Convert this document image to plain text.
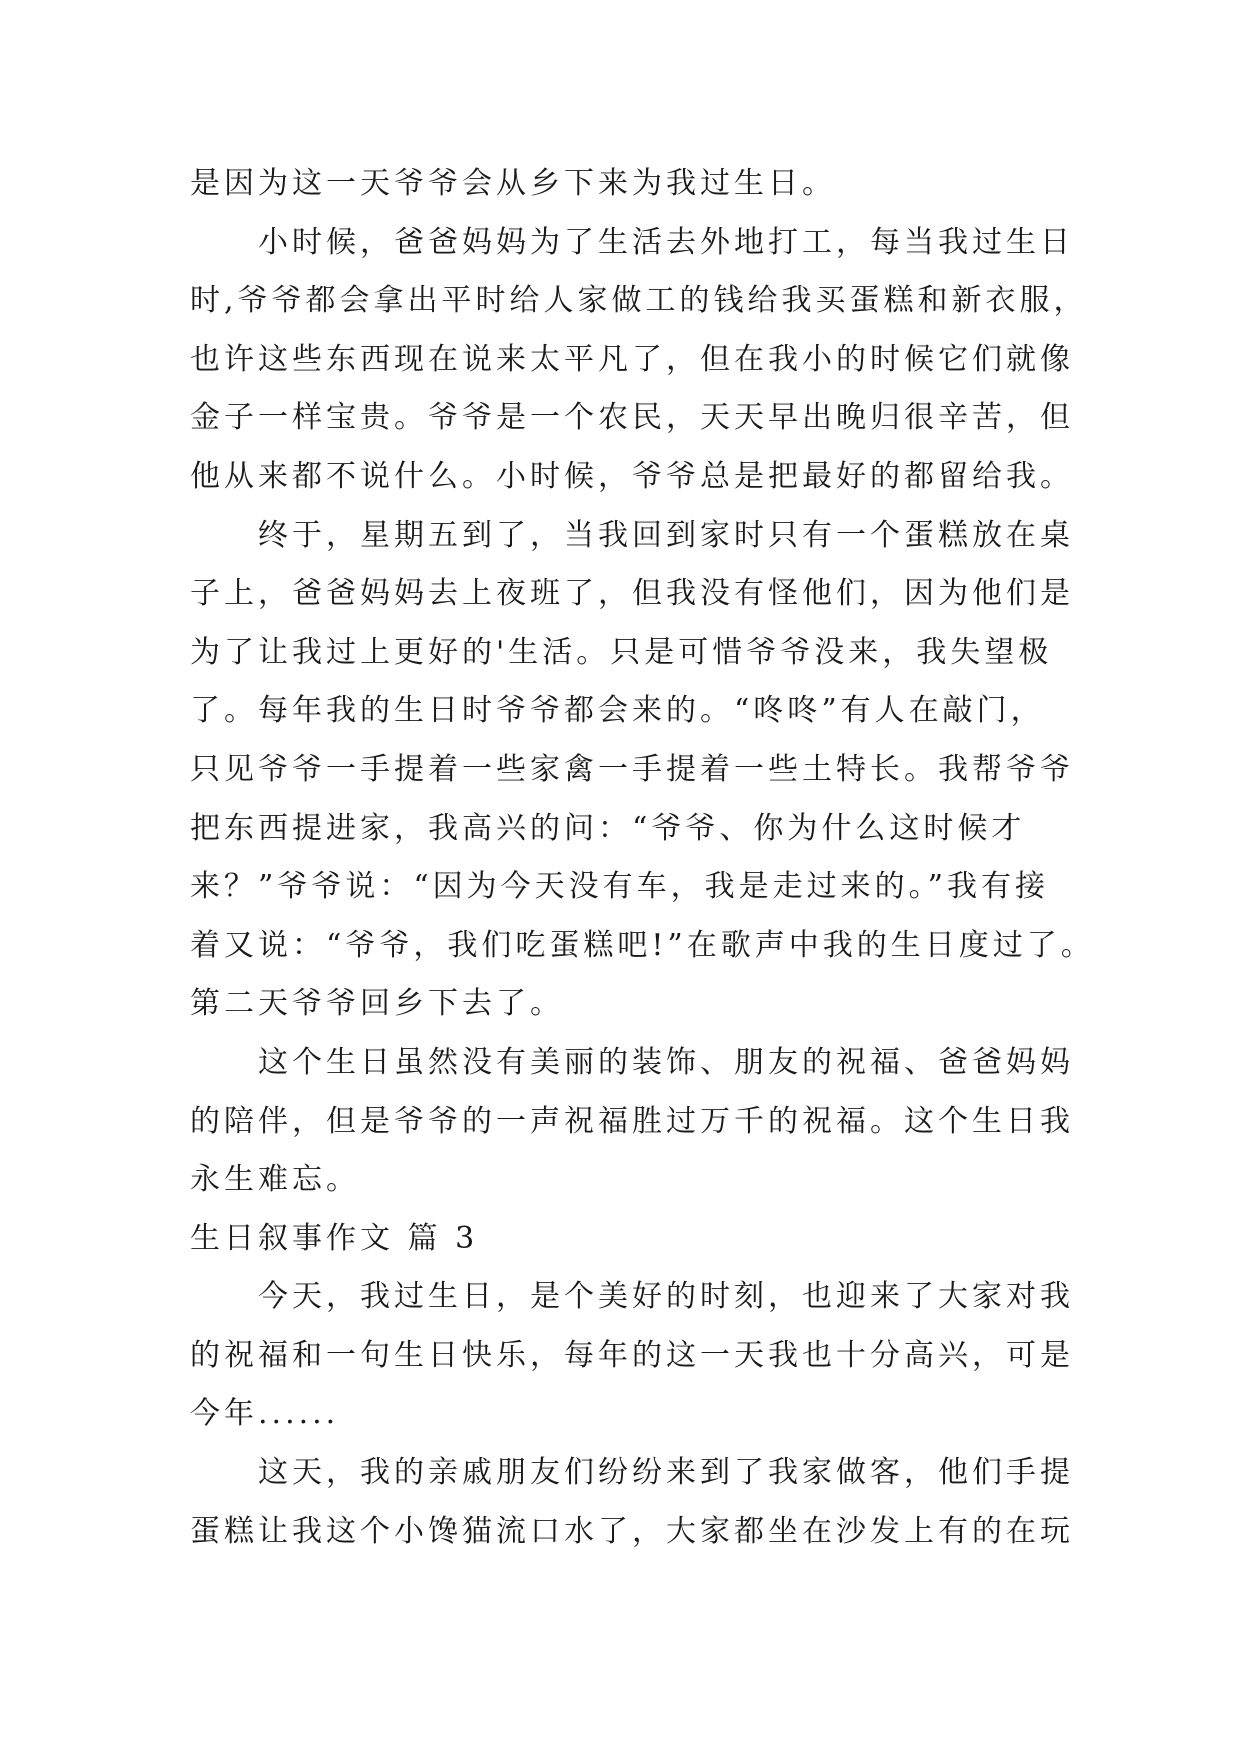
是因为这一天爷爷会从乡下来为我过生日。
小时候，爸爸妈妈为了生活去外地打工，每当我过生日
时,爷爷都会拿出平时给人家做工的钱给我买蛋糕和新衣服，
也许这些东西现在说来太平凡了，但在我小的时候它们就像
金子一样宝贵。爷爷是一个农民，天天早出晚归很辛苦，但
他从来都不说什么。小时候，爷爷总是把最好的都留给我。
终于，星期五到了，当我回到家时只有一个蛋糕放在桌
子上，爸爸妈妈去上夜班了，但我没有怪他们，因为他们是
为了让我过上更好的'生活。只是可惜爷爷没来，我失望极
了。每年我的生日时爷爷都会来的。“咚咚”有人在敲门，
只见爷爷一手提着一些家禽一手提着一些土特长。我帮爷爷
把东西提进家，我高兴的问：“爷爷、你为什么这时候才
来？”爷爷说：“因为今天没有车，我是走过来的。”我有接
着又说：“爷爷，我们吃蛋糕吧!”在歌声中我的生日度过了。
第二天爷爷回乡下去了。
这个生日虽然没有美丽的装饰、朋友的祝福、爸爸妈妈
的陪伴，但是爷爷的一声祝福胜过万千的祝福。这个生日我
永生难忘。
生日叙事作文 篇 3
今天，我过生日，是个美好的时刻，也迎来了大家对我
的祝福和一句生日快乐，每年的这一天我也十分高兴，可是
今年......
这天，我的亲戚朋友们纷纷来到了我家做客，他们手提
蛋糕让我这个小馋猫流口水了，大家都坐在沙发上有的在玩
